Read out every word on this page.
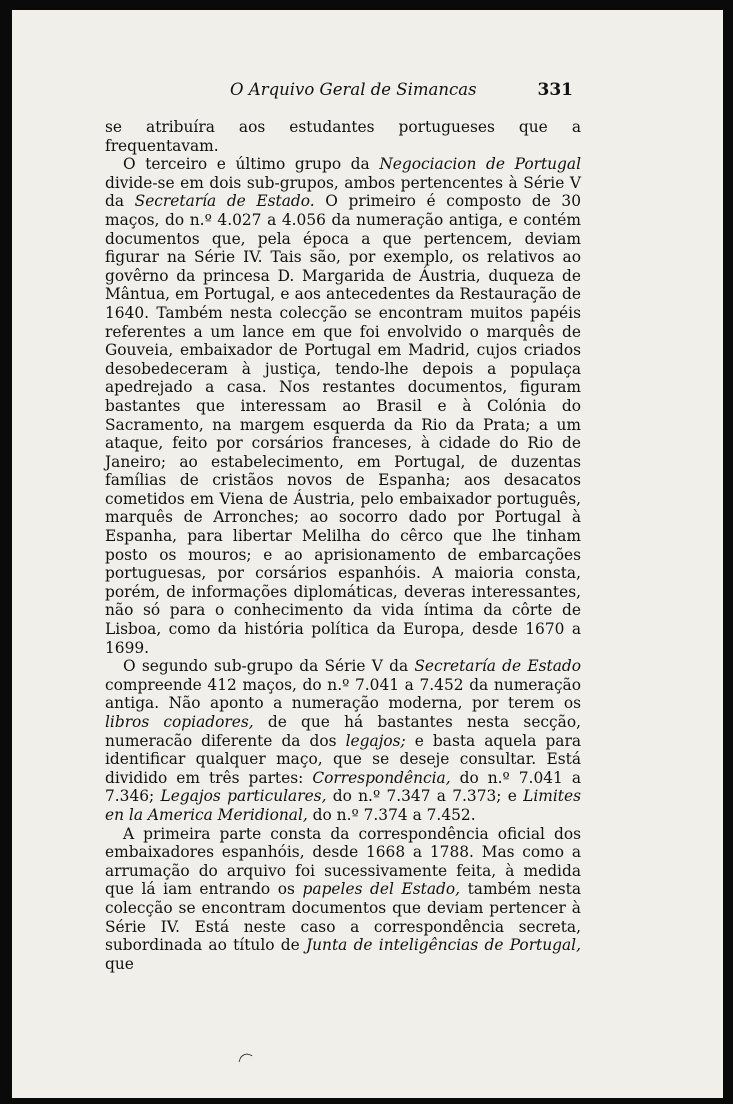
O Arquivo Geral de Simancas	331

se atribuíra aos estudantes portugueses que a frequentavam.

O terceiro e último grupo da Negociacion de Portugal divide-se em dois sub-grupos, ambos pertencentes à Série V da Secretaría de Estado. O primeiro é composto de 30 maços, do n.º 4.027 a 4.056 da numeração antiga, e contém documentos que, pela época a que pertencem, deviam figurar na Série IV. Tais são, por exemplo, os relativos ao govêrno da princesa D. Margarida de Áustria, duqueza de Mântua, em Portugal, e aos antecedentes da Restauração de 1640. Também nesta colecção se encontram muitos papéis referentes a um lance em que foi envolvido o marquês de Gouveia, embaixador de Portugal em Madrid, cujos criados desobedeceram à justiça, tendo-lhe depois a populaça apedrejado a casa. Nos restantes documentos, figuram bastantes que interessam ao Brasil e à Colónia do Sacramento, na margem esquerda da Rio da Prata; a um ataque, feito por corsários franceses, à cidade do Rio de Janeiro; ao estabelecimento, em Portugal, de duzentas famílias de cristãos novos de Espanha; aos desacatos cometidos em Viena de Áustria, pelo embaixador português, marquês de Arronches; ao socorro dado por Portugal à Espanha, para libertar Melilha do cêrco que lhe tinham posto os mouros; e ao aprisionamento de embarcações portuguesas, por corsários espanhóis. A maioria consta, porém, de informações diplomáticas, deveras interessantes, não só para o conhecimento da vida íntima da côrte de Lisboa, como da história política da Europa, desde 1670 a 1699.

O segundo sub-grupo da Série V da Secretaría de Estado compreende 412 maços, do n.º 7.041 a 7.452 da numeração antiga. Não aponto a numeração moderna, por terem os libros copiadores, de que há bastantes nesta secção, numeracão diferente da dos legajos; e basta aquela para identificar qualquer maço, que se deseje consultar. Está dividido em três partes: Correspondência, do n.º 7.041 a 7.346; Legajos particulares, do n.º 7.347 a 7.373; e Limites en la America Meridional, do n.º 7.374 a 7.452.

A primeira parte consta da correspondência oficial dos embaixadores espanhóis, desde 1668 a 1788. Mas como a arrumação do arquivo foi sucessivamente feita, à medida que lá iam entrando os papeles del Estado, também nesta colecção se encontram documentos que deviam pertencer à Série IV. Está neste caso a correspondência secreta, subordinada ao título de Junta de inteligências de Portugal, que
